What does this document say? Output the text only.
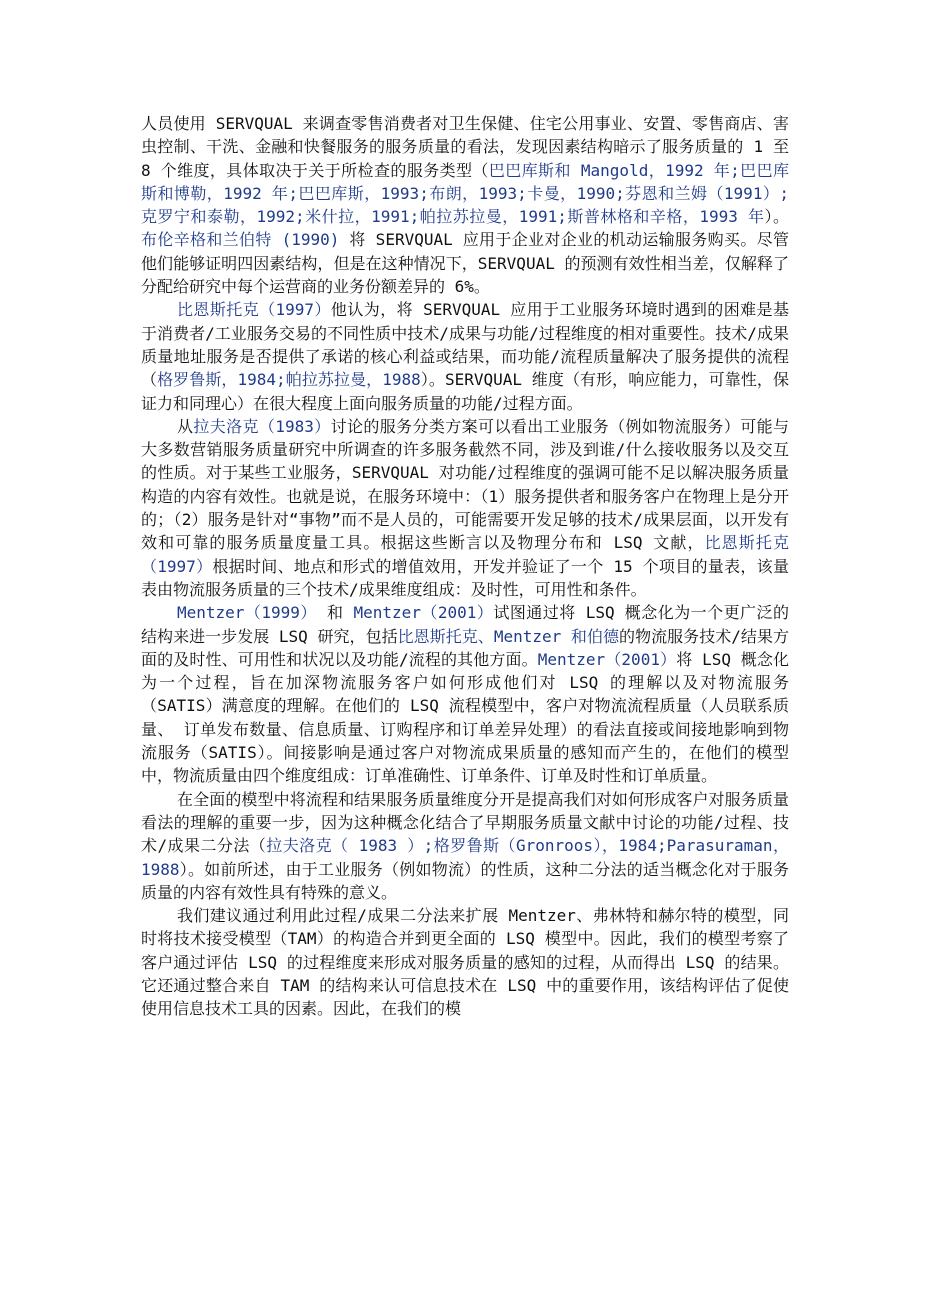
人员使用 SERVQUAL 来调查零售消费者对卫生保健、住宅公用事业、安置、零售商店、害虫控制、干洗、金融和快餐服务的服务质量的看法，发现因素结构暗示了服务质量的 1 至 8 个维度，具体取决于关于所检查的服务类型（巴巴库斯和 Mangold，1992 年;巴巴库斯和博勒，1992 年;巴巴库斯，1993;布朗，1993;卡曼，1990;芬恩和兰姆（1991）;克罗宁和泰勒，1992;米什拉，1991;帕拉苏拉曼，1991;斯普林格和辛格，1993 年）。布伦辛格和兰伯特 (1990) 将 SERVQUAL 应用于企业对企业的机动运输服务购买。尽管他们能够证明四因素结构，但是在这种情况下，SERVQUAL 的预测有效性相当差，仅解释了分配给研究中每个运营商的业务份额差异的 6%。

比恩斯托克（1997）他认为，将 SERVQUAL 应用于工业服务环境时遇到的困难是基于消费者/工业服务交易的不同性质中技术/成果与功能/过程维度的相对重要性。技术/成果质量地址服务是否提供了承诺的核心利益或结果，而功能/流程质量解决了服务提供的流程（格罗鲁斯，1984;帕拉苏拉曼，1988）。SERVQUAL 维度（有形，响应能力，可靠性，保证力和同理心）在很大程度上面向服务质量的功能/过程方面。

从拉夫洛克（1983）讨论的服务分类方案可以看出工业服务（例如物流服务）可能与大多数营销服务质量研究中所调查的许多服务截然不同，涉及到谁/什么接收服务以及交互的性质。对于某些工业服务，SERVQUAL 对功能/过程维度的强调可能不足以解决服务质量构造的内容有效性。也就是说，在服务环境中：（1）服务提供者和服务客户在物理上是分开的；（2）服务是针对“事物”而不是人员的，可能需要开发足够的技术/成果层面，以开发有效和可靠的服务质量度量工具。根据这些断言以及物理分布和 LSQ 文献，比恩斯托克（1997）根据时间、地点和形式的增值效用，开发并验证了一个 15 个项目的量表，该量表由物流服务质量的三个技术/成果维度组成：及时性，可用性和条件。

Mentzer（1999） 和 Mentzer（2001）试图通过将 LSQ 概念化为一个更广泛的结构来进一步发展 LSQ 研究，包括比恩斯托克、Mentzer 和伯德的物流服务技术/结果方面的及时性、可用性和状况以及功能/流程的其他方面。Mentzer（2001）将 LSQ 概念化为一个过程，旨在加深物流服务客户如何形成他们对 LSQ 的理解以及对物流服务（SATIS）满意度的理解。在他们的 LSQ 流程模型中，客户对物流流程质量（人员联系质量、 订单发布数量、信息质量、订购程序和订单差异处理）的看法直接或间接地影响到物流服务（SATIS）。间接影响是通过客户对物流成果质量的感知而产生的，在他们的模型中，物流质量由四个维度组成：订单准确性、订单条件、订单及时性和订单质量。

在全面的模型中将流程和结果服务质量维度分开是提高我们对如何形成客户对服务质量看法的理解的重要一步，因为这种概念化结合了早期服务质量文献中讨论的功能/过程、技术/成果二分法（拉夫洛克（ 1983 ）;格罗鲁斯（Gronroos），1984;Parasuraman，1988）。如前所述，由于工业服务（例如物流）的性质，这种二分法的适当概念化对于服务质量的内容有效性具有特殊的意义。

我们建议通过利用此过程/成果二分法来扩展 Mentzer、弗林特和赫尔特的模型，同时将技术接受模型（TAM）的构造合并到更全面的 LSQ 模型中。因此，我们的模型考察了客户通过评估 LSQ 的过程维度来形成对服务质量的感知的过程，从而得出 LSQ 的结果。它还通过整合来自 TAM 的结构来认可信息技术在 LSQ 中的重要作用，该结构评估了促使使用信息技术工具的因素。因此，在我们的模
